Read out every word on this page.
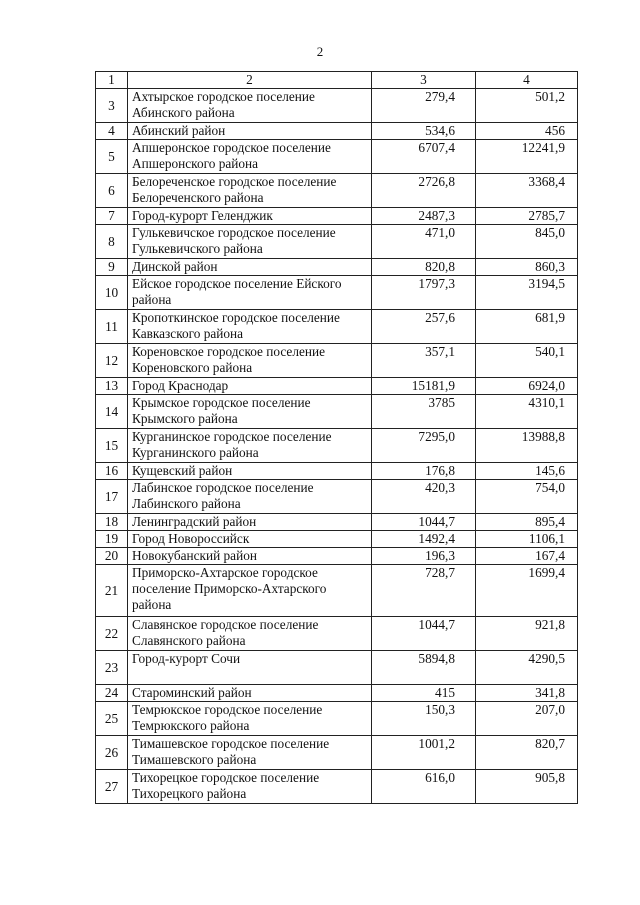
2
1	2	3	4
3	Ахтырское городское поселение Абинского района	279,4	501,2
4	Абинский район	534,6	456
5	Апшеронское городское поселение Апшеронского района	6707,4	12241,9
6	Белореченское городское поселение Белореченского района	2726,8	3368,4
7	Город-курорт Геленджик	2487,3	2785,7
8	Гулькевичское городское поселение Гулькевичского района	471,0	845,0
9	Динской район	820,8	860,3
10	Ейское городское поселение Ейского района	1797,3	3194,5
11	Кропоткинское городское поселение Кавказского района	257,6	681,9
12	Кореновское городское поселение Кореновского района	357,1	540,1
13	Город Краснодар	15181,9	6924,0
14	Крымское городское поселение Крымского района	3785	4310,1
15	Курганинское городское поселение Курганинского района	7295,0	13988,8
16	Кущевский район	176,8	145,6
17	Лабинское городское поселение Лабинского района	420,3	754,0
18	Ленинградский район	1044,7	895,4
19	Город Новороссийск	1492,4	1106,1
20	Новокубанский район	196,3	167,4
21	Приморско-Ахтарское городское поселение Приморско-Ахтарского района	728,7	1699,4
22	Славянское городское поселение Славянского района	1044,7	921,8
23	Город-курорт Сочи	5894,8	4290,5
24	Староминский район	415	341,8
25	Темрюкское городское поселение Темрюкского района	150,3	207,0
26	Тимашевское городское поселение Тимашевского района	1001,2	820,7
27	Тихорецкое городское поселение Тихорецкого района	616,0	905,8
